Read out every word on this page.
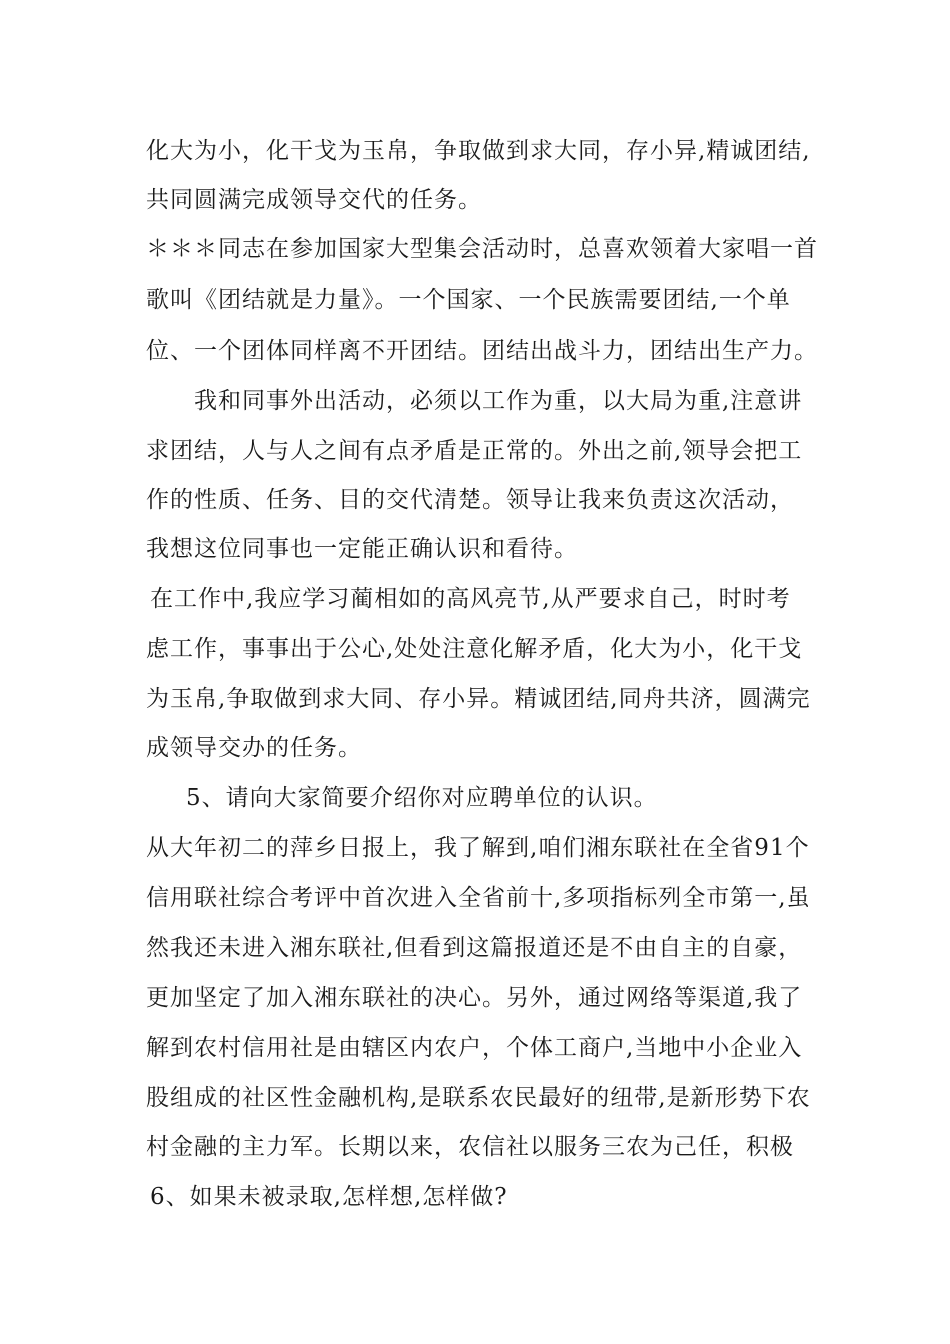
化大为小，化干戈为玉帛，争取做到求大同，存小异,精诚团结,
共同圆满完成领导交代的任务。
＊＊＊同志在参加国家大型集会活动时，总喜欢领着大家唱一首
歌叫《团结就是力量》。一个国家、一个民族需要团结,一个单
位、一个团体同样离不开团结。团结出战斗力，团结出生产力。
我和同事外出活动，必须以工作为重，以大局为重,注意讲
求团结，人与人之间有点矛盾是正常的。外出之前,领导会把工
作的性质、任务、目的交代清楚。领导让我来负责这次活动，
我想这位同事也一定能正确认识和看待。
在工作中,我应学习蔺相如的高风亮节,从严要求自己，时时考
虑工作，事事出于公心,处处注意化解矛盾，化大为小，化干戈
为玉帛,争取做到求大同、存小异。精诚团结,同舟共济，圆满完
成领导交办的任务。
5、请向大家简要介绍你对应聘单位的认识。
从大年初二的萍乡日报上，我了解到,咱们湘东联社在全省91个
信用联社综合考评中首次进入全省前十,多项指标列全市第一,虽
然我还未进入湘东联社,但看到这篇报道还是不由自主的自豪，
更加坚定了加入湘东联社的决心。另外，通过网络等渠道,我了
解到农村信用社是由辖区内农户，个体工商户,当地中小企业入
股组成的社区性金融机构,是联系农民最好的纽带,是新形势下农
村金融的主力军。长期以来，农信社以服务三农为己任，积极
6、如果未被录取,怎样想,怎样做?
